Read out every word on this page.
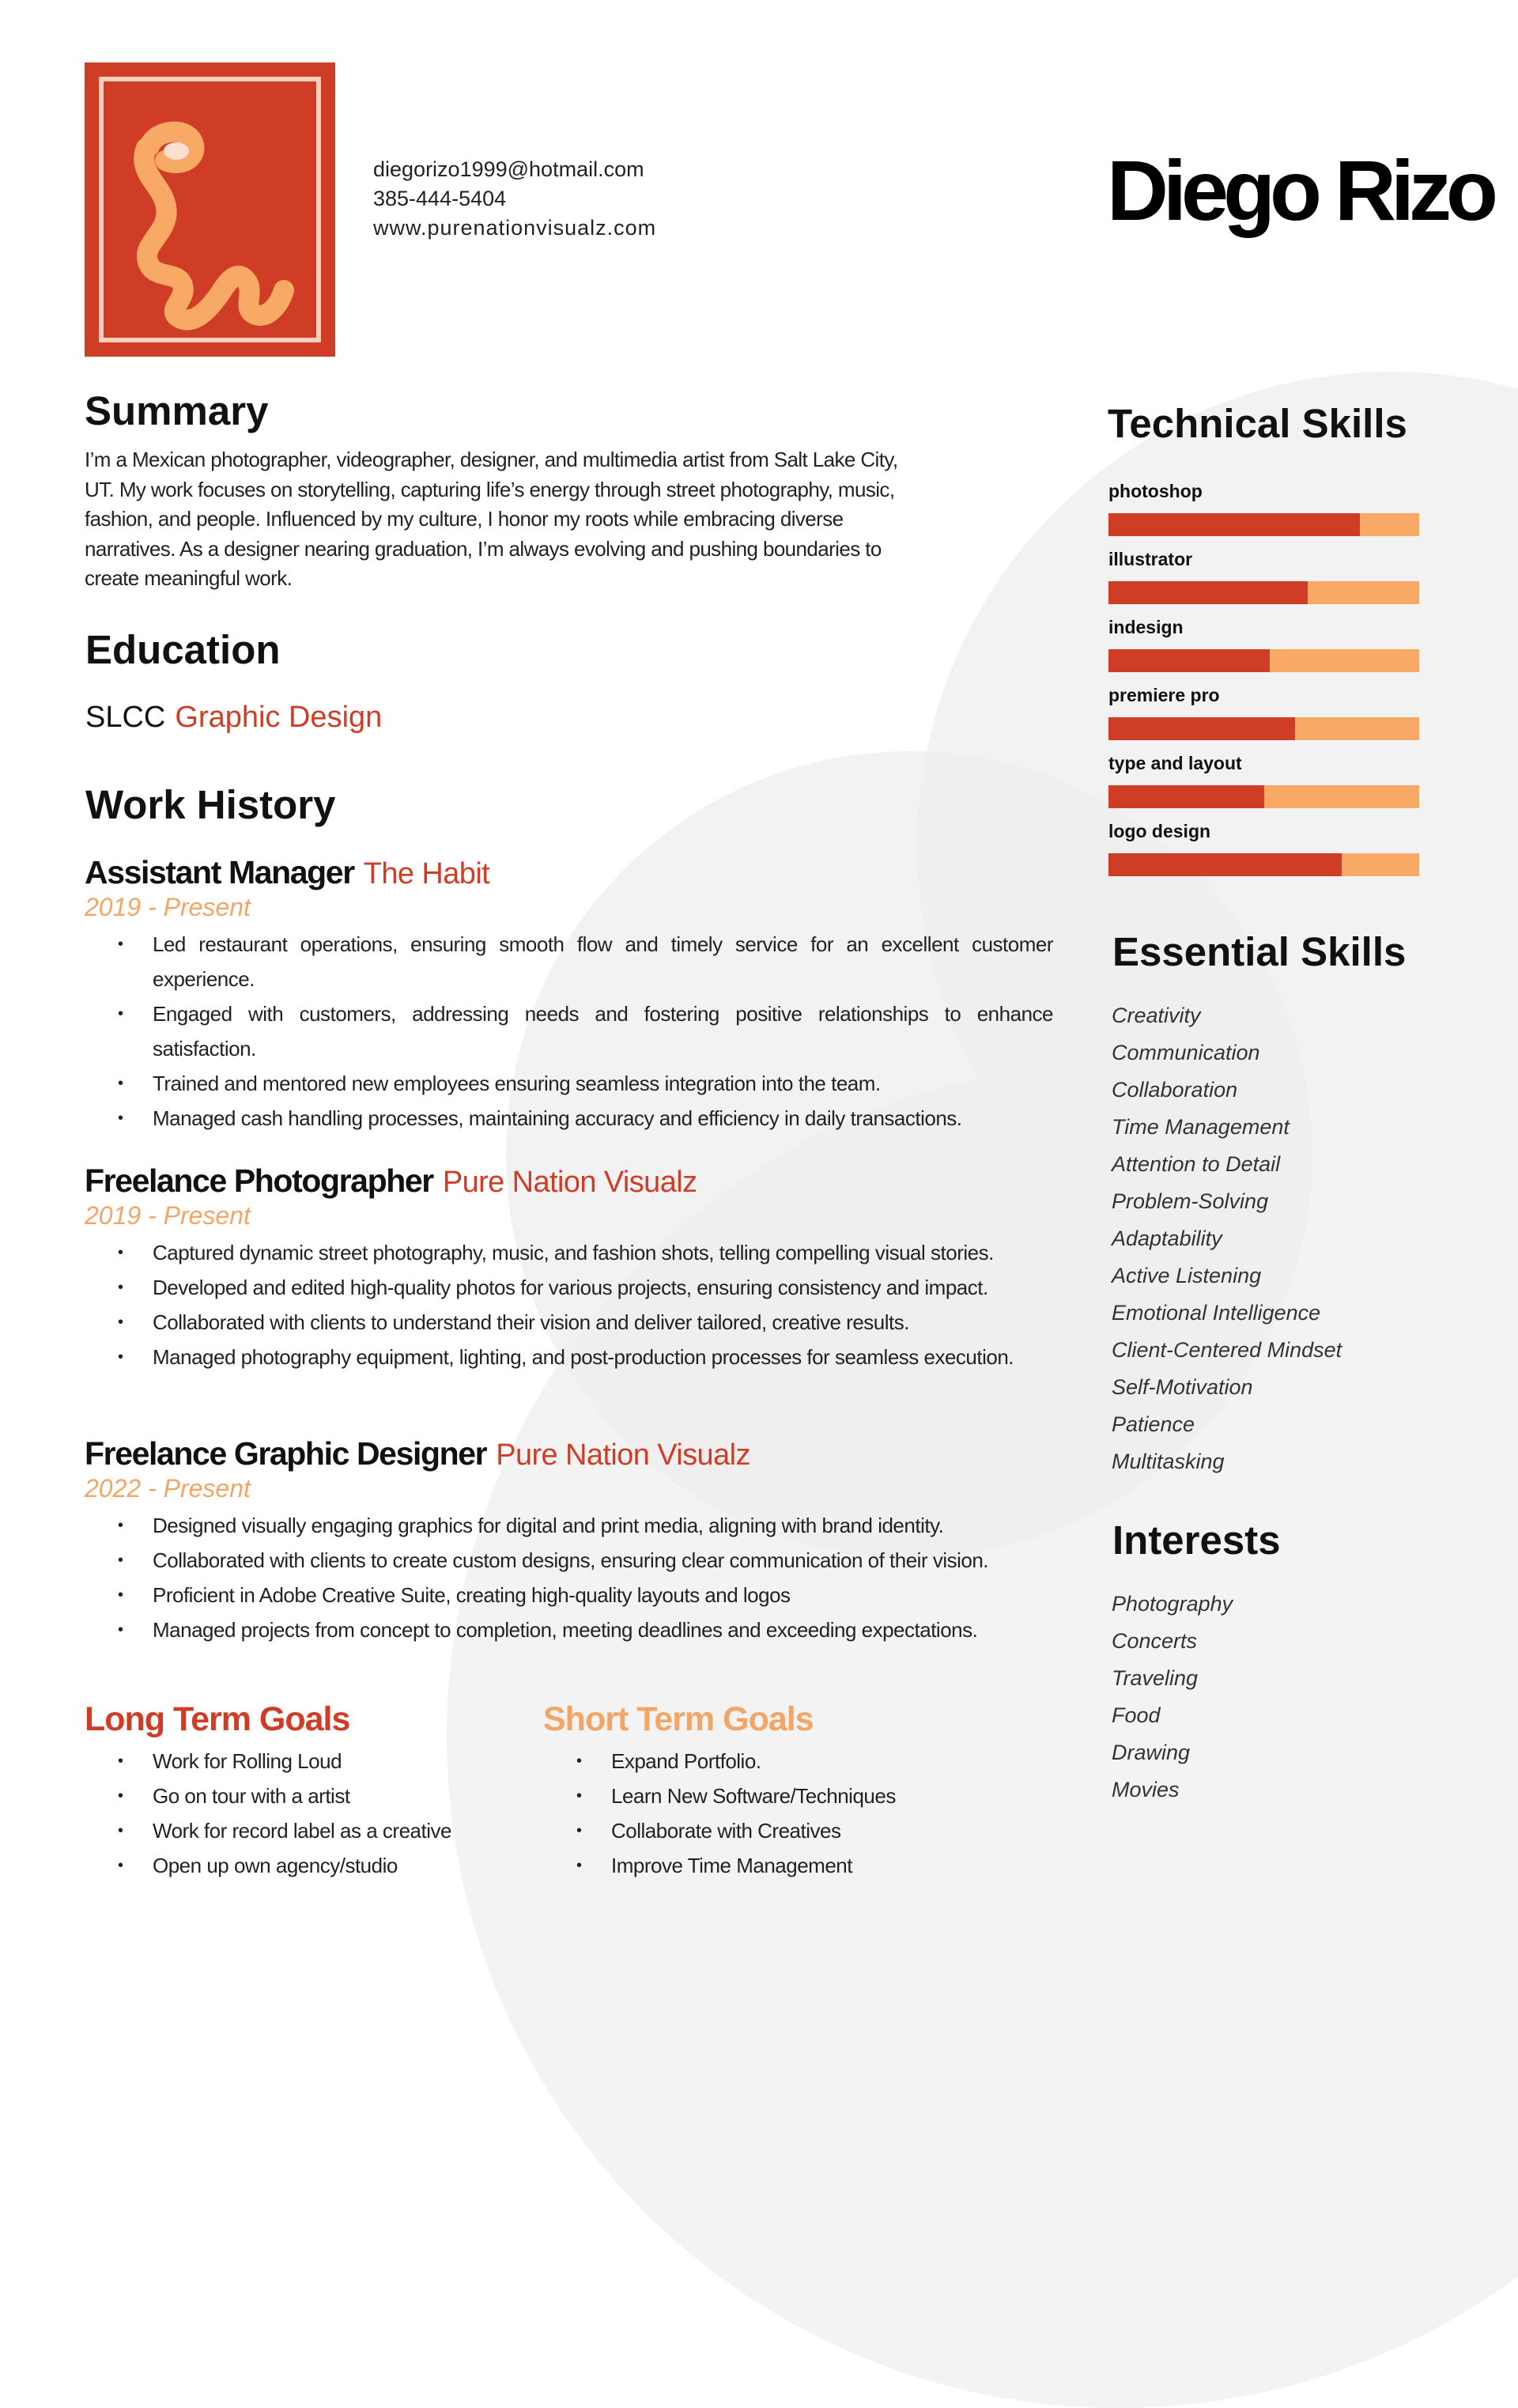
diegorizo1999@hotmail.com
385-444-5404
www.purenationvisualz.com	Diego Rizo
Summary
I’m a Mexican photographer, videographer, designer, and multimedia artist from Salt Lake City, UT. My work focuses on storytelling, capturing life’s energy through street photography, music, fashion, and people. Influenced by my culture, I honor my roots while embracing diverse narratives. As a designer nearing graduation, I’m always evolving and pushing boundaries to create meaningful work.
Education
SLCC Graphic Design
Work History
Assistant Manager The Habit
2019 - Present
• Led restaurant operations, ensuring smooth flow and timely service for an excellent customer experience.
• Engaged with customers, addressing needs and fostering positive relationships to enhance satisfaction.
• Trained and mentored new employees ensuring seamless integration into the team.
• Managed cash handling processes, maintaining accuracy and efficiency in daily transactions.
Freelance Photographer Pure Nation Visualz
2019 - Present
• Captured dynamic street photography, music, and fashion shots, telling compelling visual stories.
• Developed and edited high-quality photos for various projects, ensuring consistency and impact.
• Collaborated with clients to understand their vision and deliver tailored, creative results.
• Managed photography equipment, lighting, and post-production processes for seamless execution.
Freelance Graphic Designer Pure Nation Visualz
2022 - Present
• Designed visually engaging graphics for digital and print media, aligning with brand identity.
• Collaborated with clients to create custom designs, ensuring clear communication of their vision.
• Proficient in Adobe Creative Suite, creating high-quality layouts and logos
• Managed projects from concept to completion, meeting deadlines and exceeding expectations.
Long Term Goals
• Work for Rolling Loud
• Go on tour with a artist
• Work for record label as a creative
• Open up own agency/studio
Short Term Goals
• Expand Portfolio.
• Learn New Software/Techniques
• Collaborate with Creatives
• Improve Time Management
Technical Skills
photoshop
illustrator
indesign
premiere pro
type and layout
logo design
Essential Skills
Creativity
Communication
Collaboration
Time Management
Attention to Detail
Problem-Solving
Adaptability
Active Listening
Emotional Intelligence
Client-Centered Mindset
Self-Motivation
Patience
Multitasking
Interests
Photography
Concerts
Traveling
Food
Drawing
Movies
